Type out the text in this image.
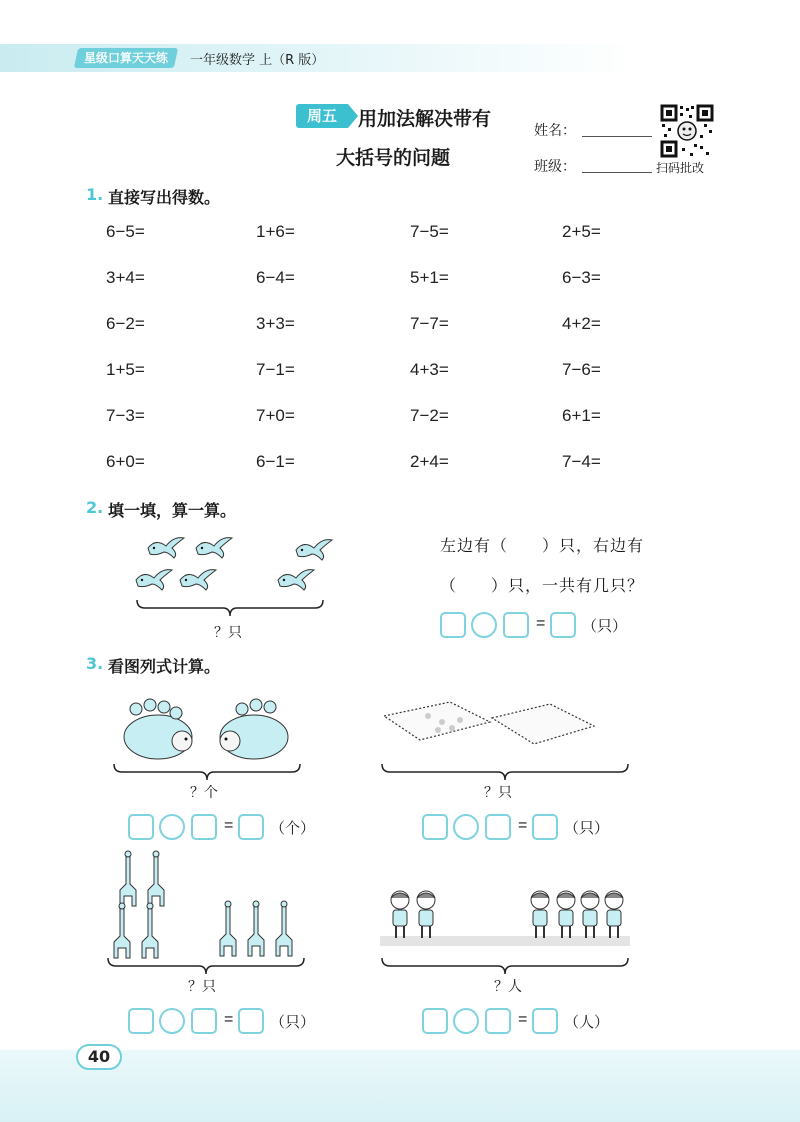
星级口算天天练	一年级数学 上（R 版）
周五	用加法解决带有
大括号的问题
姓名：
班级：	扫码批改
1. 直接写出得数。
6−5=	1+6=	7−5=	2+5=
3+4=	6−4=	5+1=	6−3=
6−2=	3+3=	7−7=	4+2=
1+5=	7−1=	4+3=	7−6=
7−3=	7+0=	7−2=	6+1=
6+0=	6−1=	2+4=	7−4=
2. 填一填，算一算。
？只
左边有（　　）只，右边有
（　　）只，一共有几只？
= （只）
3. 看图列式计算。
？个
= （个）
？只
= （只）
？只
= （只）
？人
= （人）
40
